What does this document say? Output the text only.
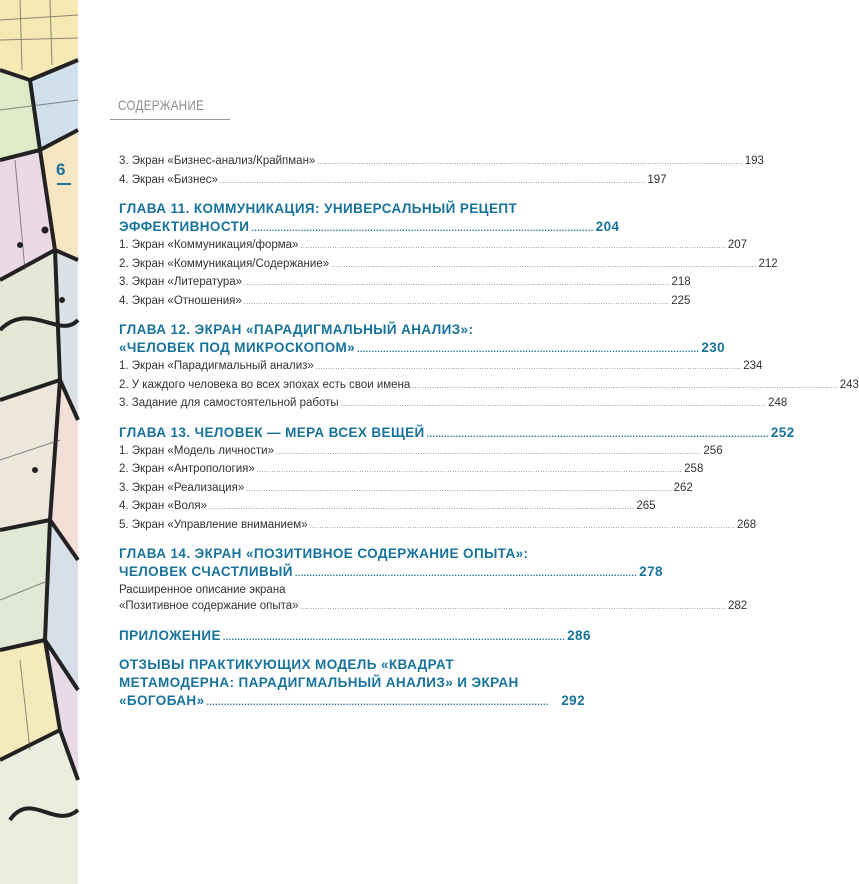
СОДЕРЖАНИЕ
6	3. Экран «Бизнес-анализ/Крайпман» .............................................................................................................................................................................. 193
4. Экран «Бизнес» .............................................................................................................................................................................. 197
ГЛАВА 11. КОММУНИКАЦИЯ: УНИВЕРСАЛЬНЫЙ РЕЦЕПТ
ЭФФЕКТИВНОСТИ ...................................................................................................................... 204
1. Экран «Коммуникация/форма» .............................................................................................................................................................................. 207
2. Экран «Коммуникация/Содержание» .............................................................................................................................................................................. 212
3. Экран «Литература» .............................................................................................................................................................................. 218
4. Экран «Отношения» .............................................................................................................................................................................. 225
ГЛАВА 12. ЭКРАН «ПАРАДИГМАЛЬНЫЙ АНАЛИЗ»:
«ЧЕЛОВЕК ПОД МИКРОСКОПОМ» ...................................................................................................................... 230
1. Экран «Парадигмальный анализ» .............................................................................................................................................................................. 234
2. У каждого человека во всех эпохах есть свои имена .............................................................................................................................................................................. 243
3. Задание для самостоятельной работы .............................................................................................................................................................................. 248
ГЛАВА 13. ЧЕЛОВЕК — МЕРА ВСЕХ ВЕЩЕЙ ...................................................................................................................... 252
1. Экран «Модель личности» .............................................................................................................................................................................. 256
2. Экран «Антропология» .............................................................................................................................................................................. 258
3. Экран «Реализация» .............................................................................................................................................................................. 262
4. Экран «Воля» .............................................................................................................................................................................. 265
5. Экран «Управление вниманием» .............................................................................................................................................................................. 268
ГЛАВА 14. ЭКРАН «ПОЗИТИВНОЕ СОДЕРЖАНИЕ ОПЫТА»:
ЧЕЛОВЕК СЧАСТЛИВЫЙ ...................................................................................................................... 278
Расширенное описание экрана
«Позитивное содержание опыта» .............................................................................................................................................................................. 282
ПРИЛОЖЕНИЕ ...................................................................................................................... 286
ОТЗЫВЫ ПРАКТИКУЮЩИХ МОДЕЛЬ «КВАДРАТ
МЕТАМОДЕРНА: ПАРАДИГМАЛЬНЫЙ АНАЛИЗ» И ЭКРАН
«БОГОБАН» ...................................................................................................................... 292
